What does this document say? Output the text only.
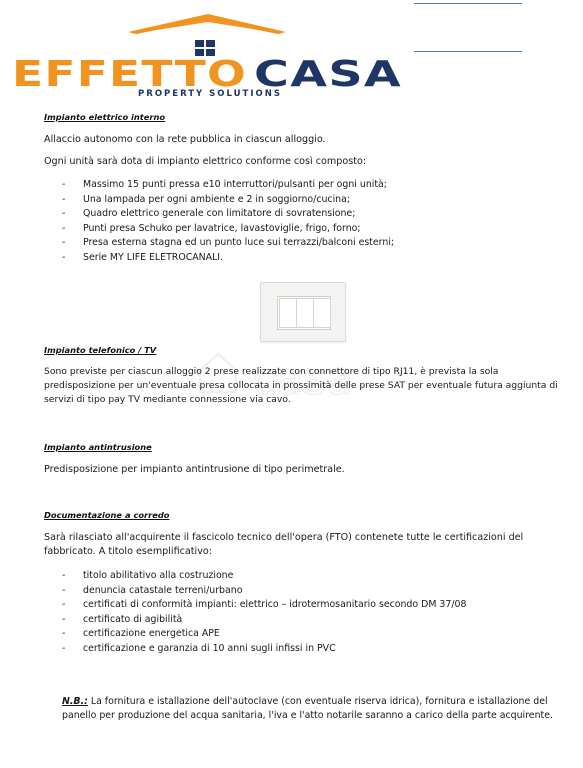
EFFETTO CASA
PROPERTY SOLUTIONS
Impianto elettrico interno
Allaccio autonomo con la rete pubblica in ciascun alloggio.
Ogni unità sarà dota di impianto elettrico conforme così composto:
- Massimo 15 punti pressa e10 interruttori/pulsanti per ogni unità;
- Una lampada per ogni ambiente e 2 in soggiorno/cucina;
- Quadro elettrico generale con limitatore di sovratensione;
- Punti presa Schuko per lavatrice, lavastoviglie, frigo, forno;
- Presa esterna stagna ed un punto luce sui terrazzi/balconi esterni;
- Serie MY LIFE ELETROCANALI.
casa
Impianto telefonico / TV
Sono previste per ciascun alloggio 2 prese realizzate con connettore di tipo RJ11, è prevista la sola predisposizione per un'eventuale presa collocata in prossimità delle prese SAT per eventuale futura aggiunta di servizi di tipo pay TV mediante connessione via cavo.
Impianto antintrusione
Predisposizione per impianto antintrusione di tipo perimetrale.
Documentazione a corredo
Sarà rilasciato all'acquirente il fascicolo tecnico dell'opera (FTO) contenete tutte le certificazioni del fabbricato. A titolo esemplificativo:
- titolo abilitativo alla costruzione
- denuncia catastale terreni/urbano
- certificati di conformità impianti: elettrico – idrotermosanitario secondo DM 37/08
- certificato di agibilità
- certificazione energetica APE
- certificazione e garanzia di 10 anni sugli infissi in PVC
N.B.: La fornitura e istallazione dell'autoclave (con eventuale riserva idrica), fornitura e istallazione del panello per produzione del acqua sanitaria, l'iva e l'atto notarile saranno a carico della parte acquirente.
